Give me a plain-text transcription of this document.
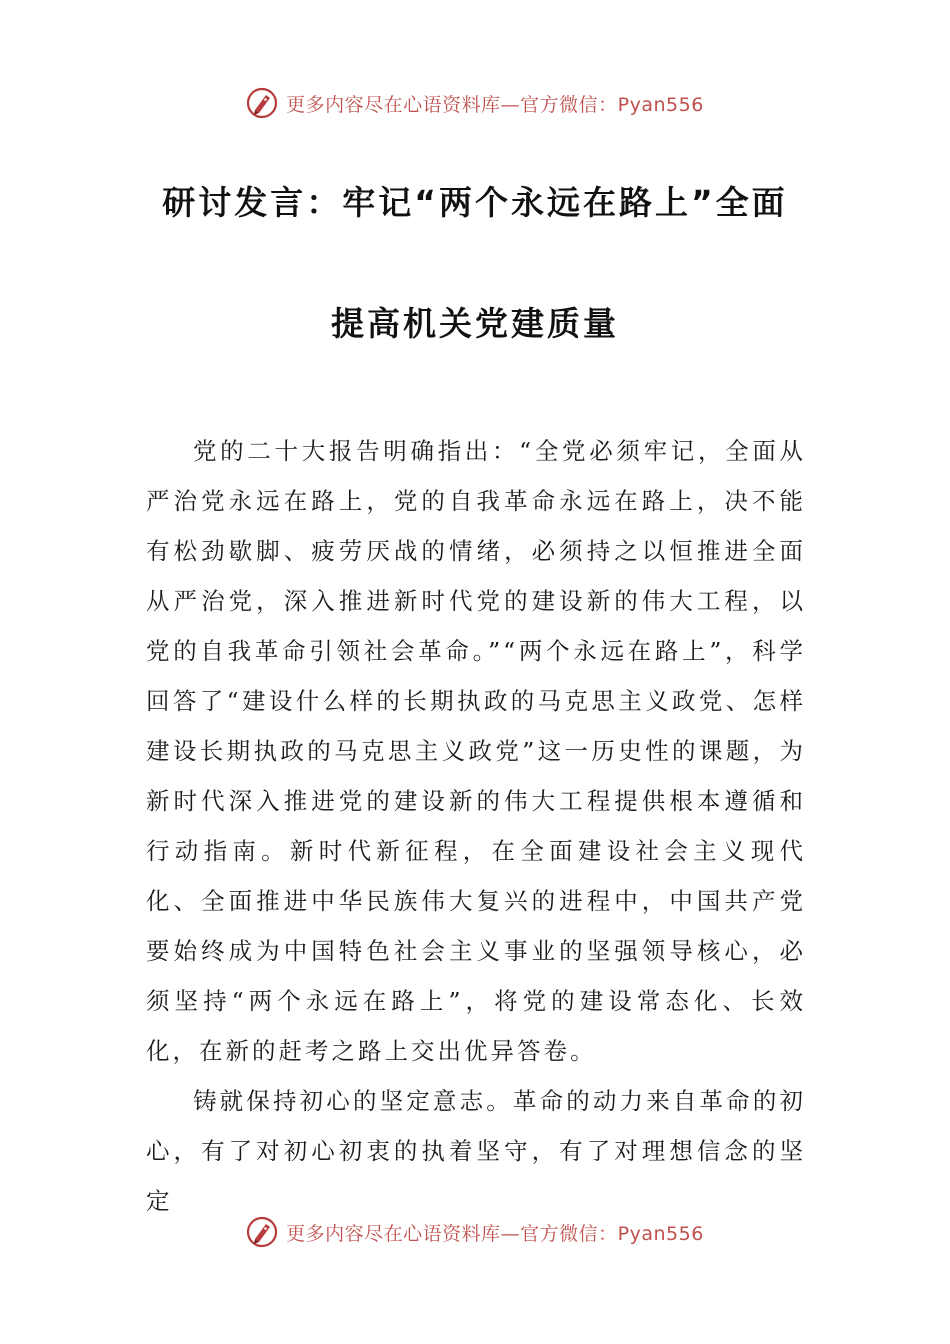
更多内容尽在心语资料库—官方微信：Pyan556
研讨发言：牢记“两个永远在路上”全面
提高机关党建质量

党的二十大报告明确指出：“全党必须牢记，全面从严治党永远在路上，党的自我革命永远在路上，决不能有松劲歇脚、疲劳厌战的情绪，必须持之以恒推进全面从严治党，深入推进新时代党的建设新的伟大工程，以党的自我革命引领社会革命。”“两个永远在路上”，科学回答了“建设什么样的长期执政的马克思主义政党、怎样建设长期执政的马克思主义政党”这一历史性的课题，为新时代深入推进党的建设新的伟大工程提供根本遵循和行动指南。新时代新征程，在全面建设社会主义现代化、全面推进中华民族伟大复兴的进程中，中国共产党要始终成为中国特色社会主义事业的坚强领导核心，必须坚持“两个永远在路上”，将党的建设常态化、长效化，在新的赶考之路上交出优异答卷。

铸就保持初心的坚定意志。革命的动力来自革命的初心，有了对初心初衷的执着坚守，有了对理想信念的坚定

更多内容尽在心语资料库—官方微信：Pyan556
